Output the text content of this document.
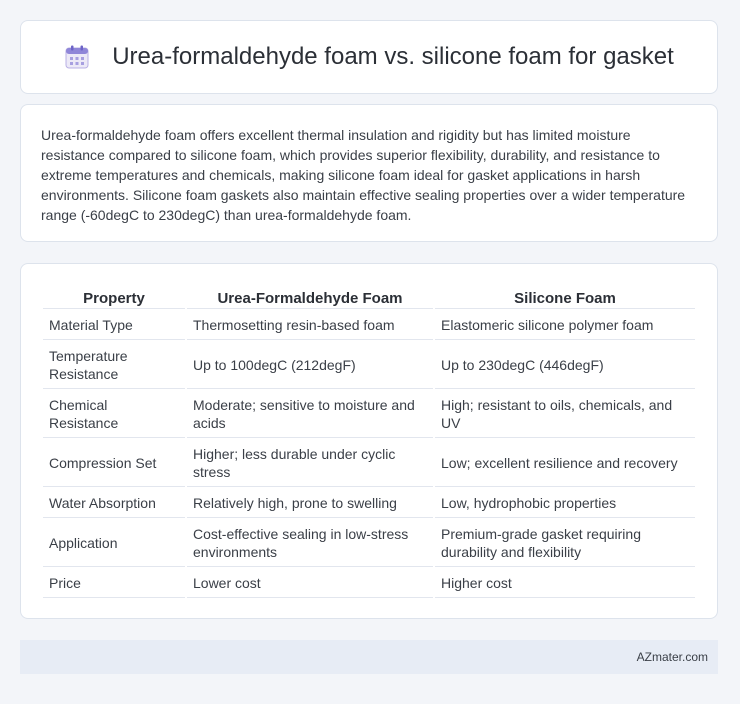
Urea-formaldehyde foam vs. silicone foam for gasket

Urea-formaldehyde foam offers excellent thermal insulation and rigidity but has limited moisture resistance compared to silicone foam, which provides superior flexibility, durability, and resistance to extreme temperatures and chemicals, making silicone foam ideal for gasket applications in harsh environments. Silicone foam gaskets also maintain effective sealing properties over a wider temperature range (-60degC to 230degC) than urea-formaldehyde foam.

Property	Urea-Formaldehyde Foam	Silicone Foam
Material Type	Thermosetting resin-based foam	Elastomeric silicone polymer foam
Temperature Resistance	Up to 100degC (212degF)	Up to 230degC (446degF)
Chemical Resistance	Moderate; sensitive to moisture and acids	High; resistant to oils, chemicals, and UV
Compression Set	Higher; less durable under cyclic stress	Low; excellent resilience and recovery
Water Absorption	Relatively high, prone to swelling	Low, hydrophobic properties
Application	Cost-effective sealing in low-stress environments	Premium-grade gasket requiring durability and flexibility
Price	Lower cost	Higher cost
AZmater.com
